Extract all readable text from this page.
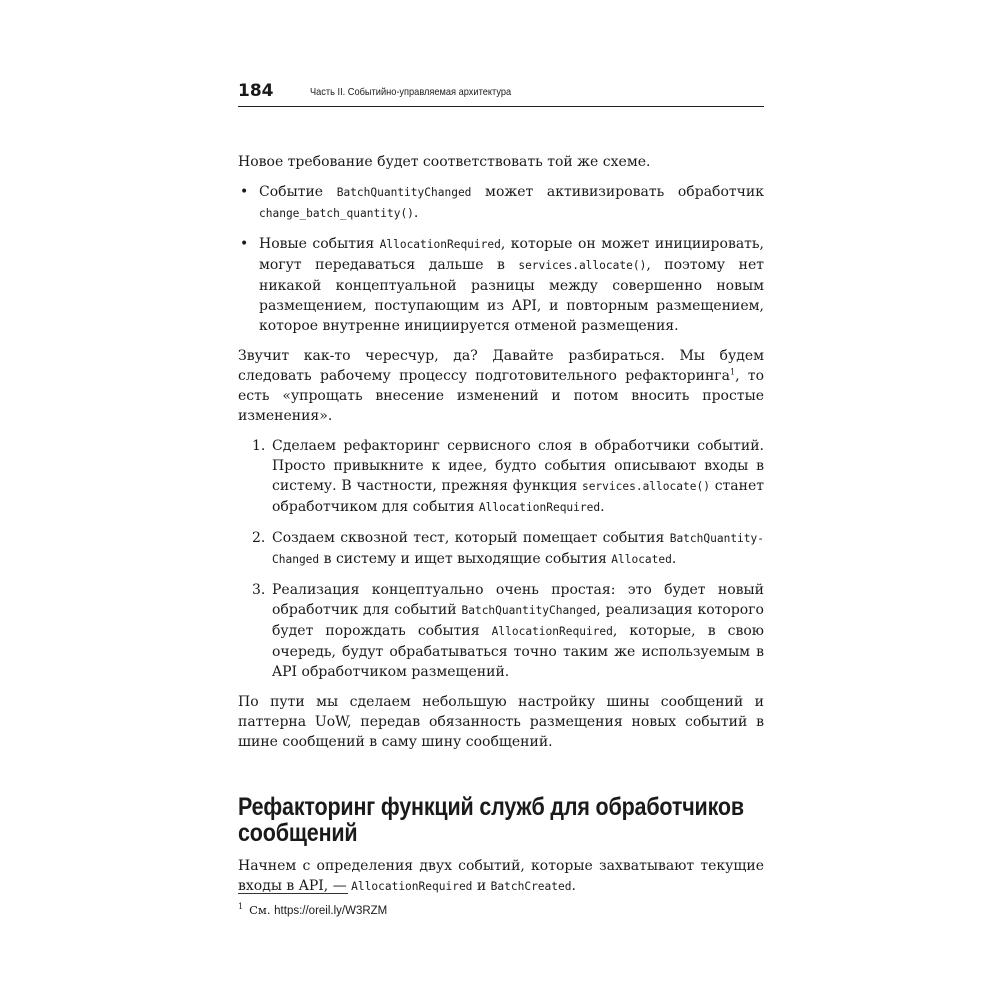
184	Часть II. Событийно-управляемая архитектура

Новое требование будет соответствовать той же схеме.

• Событие BatchQuantityChanged может активизировать обработчик change_batch_quantity().
• Новые события AllocationRequired, которые он может инициировать, могут передаваться дальше в services.allocate(), поэтому нет никакой концептуальной разницы между совершенно новым размещением, поступающим из API, и повторным размещением, которое внутренне инициируется отменой размещения.

Звучит как-то чересчур, да? Давайте разбираться. Мы будем следовать рабочему процессу подготовительного рефакторинга$^1$, то есть «упрощать внесение изменений и потом вносить простые изменения».

1. Сделаем рефакторинг сервисного слоя в обработчики событий. Просто привыкните к идее, будто события описывают входы в систему. В частности, прежняя функция services.allocate() станет обработчиком для события AllocationRequired.
2. Создаем сквозной тест, который помещает события BatchQuantity-Changed в систему и ищет выходящие события Allocated.
3. Реализация концептуально очень простая: это будет новый обработчик для событий BatchQuantityChanged, реализация которого будет порождать события AllocationRequired, которые, в свою очередь, будут обрабатываться точно таким же используемым в API обработчиком размещений.

По пути мы сделаем небольшую настройку шины сообщений и паттерна UoW, передав обязанность размещения новых событий в шине сообщений в саму шину сообщений.

Рефакторинг функций служб для обработчиков сообщений

Начнем с определения двух событий, которые захватывают текущие входы в API, — AllocationRequired и BatchCreated.

$^1$ См. https://oreil.ly/W3RZM
